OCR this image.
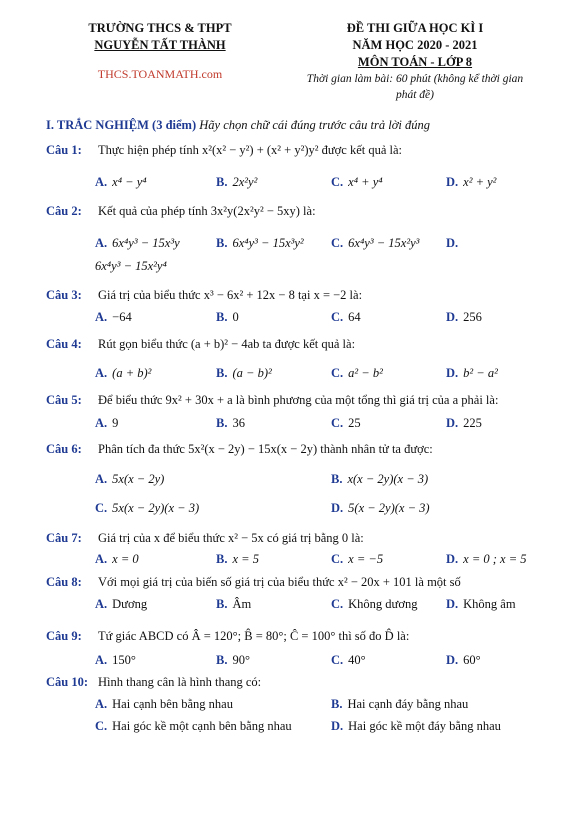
TRƯỜNG THCS & THPT
NGUYỄN TẤT THÀNH
THCS.TOANMATH.com
ĐỀ THI GIỮA HỌC KÌ I
NĂM HỌC 2020 - 2021
MÔN TOÁN - LỚP 8
Thời gian làm bài: 60 phút (không kể thời gian phát đề)
I. TRẮC NGHIỆM (3 điểm) Hãy chọn chữ cái đúng trước câu trả lời đúng
Câu 1: Thực hiện phép tính x²(x² − y²) + (x² + y²)y² được kết quả là:
A. x⁴ − y⁴	B. 2x²y²	C. x⁴ + y⁴	D. x² + y²
Câu 2: Kết quả của phép tính 3x²y(2x²y² − 5xy) là:
A. 6x⁴y³ − 15x³y	B. 6x⁴y³ − 15x³y² C. 6x⁴y³ − 15x²y³ D.
6x⁴y³ − 15x²y⁴
Câu 3: Giá trị của biểu thức x³ − 6x² + 12x − 8 tại x = −2 là:
A. −64	B. 0	C. 64	D. 256
Câu 4: Rút gọn biểu thức (a + b)² − 4ab ta được kết quả là:
A. (a + b)²	B. (a − b)²	C. a² − b²	D. b² − a²
Câu 5: Để biểu thức 9x² + 30x + a là bình phương của một tổng thì giá trị của a phải là:
A. 9	B. 36	C. 25	D. 225
Câu 6: Phân tích đa thức 5x²(x − 2y) − 15x(x − 2y) thành nhân tử ta được:
A. 5x(x − 2y)	B. x(x − 2y)(x − 3)
C. 5x(x − 2y)(x − 3)	D. 5(x − 2y)(x − 3)
Câu 7: Giá trị của x để biểu thức x² − 5x có giá trị bằng 0 là:
A. x = 0	B. x = 5	C. x = −5	D. x = 0 ; x = 5
Câu 8: Với mọi giá trị của biến số giá trị của biểu thức x² − 20x + 101 là một số
A. Dương	B. Âm	C. Không dương D. Không âm
Câu 9: Tứ giác ABCD có Â = 120°; B̂ = 80°; Ĉ = 100° thì số đo D̂ là:
A. 150°	B. 90°	C. 40°	D. 60°
Câu 10: Hình thang cân là hình thang có:
A. Hai cạnh bên bằng nhau	B. Hai cạnh đáy bằng nhau
C. Hai góc kề một cạnh bên bằng nhau	D. Hai góc kề một đáy bằng nhau
